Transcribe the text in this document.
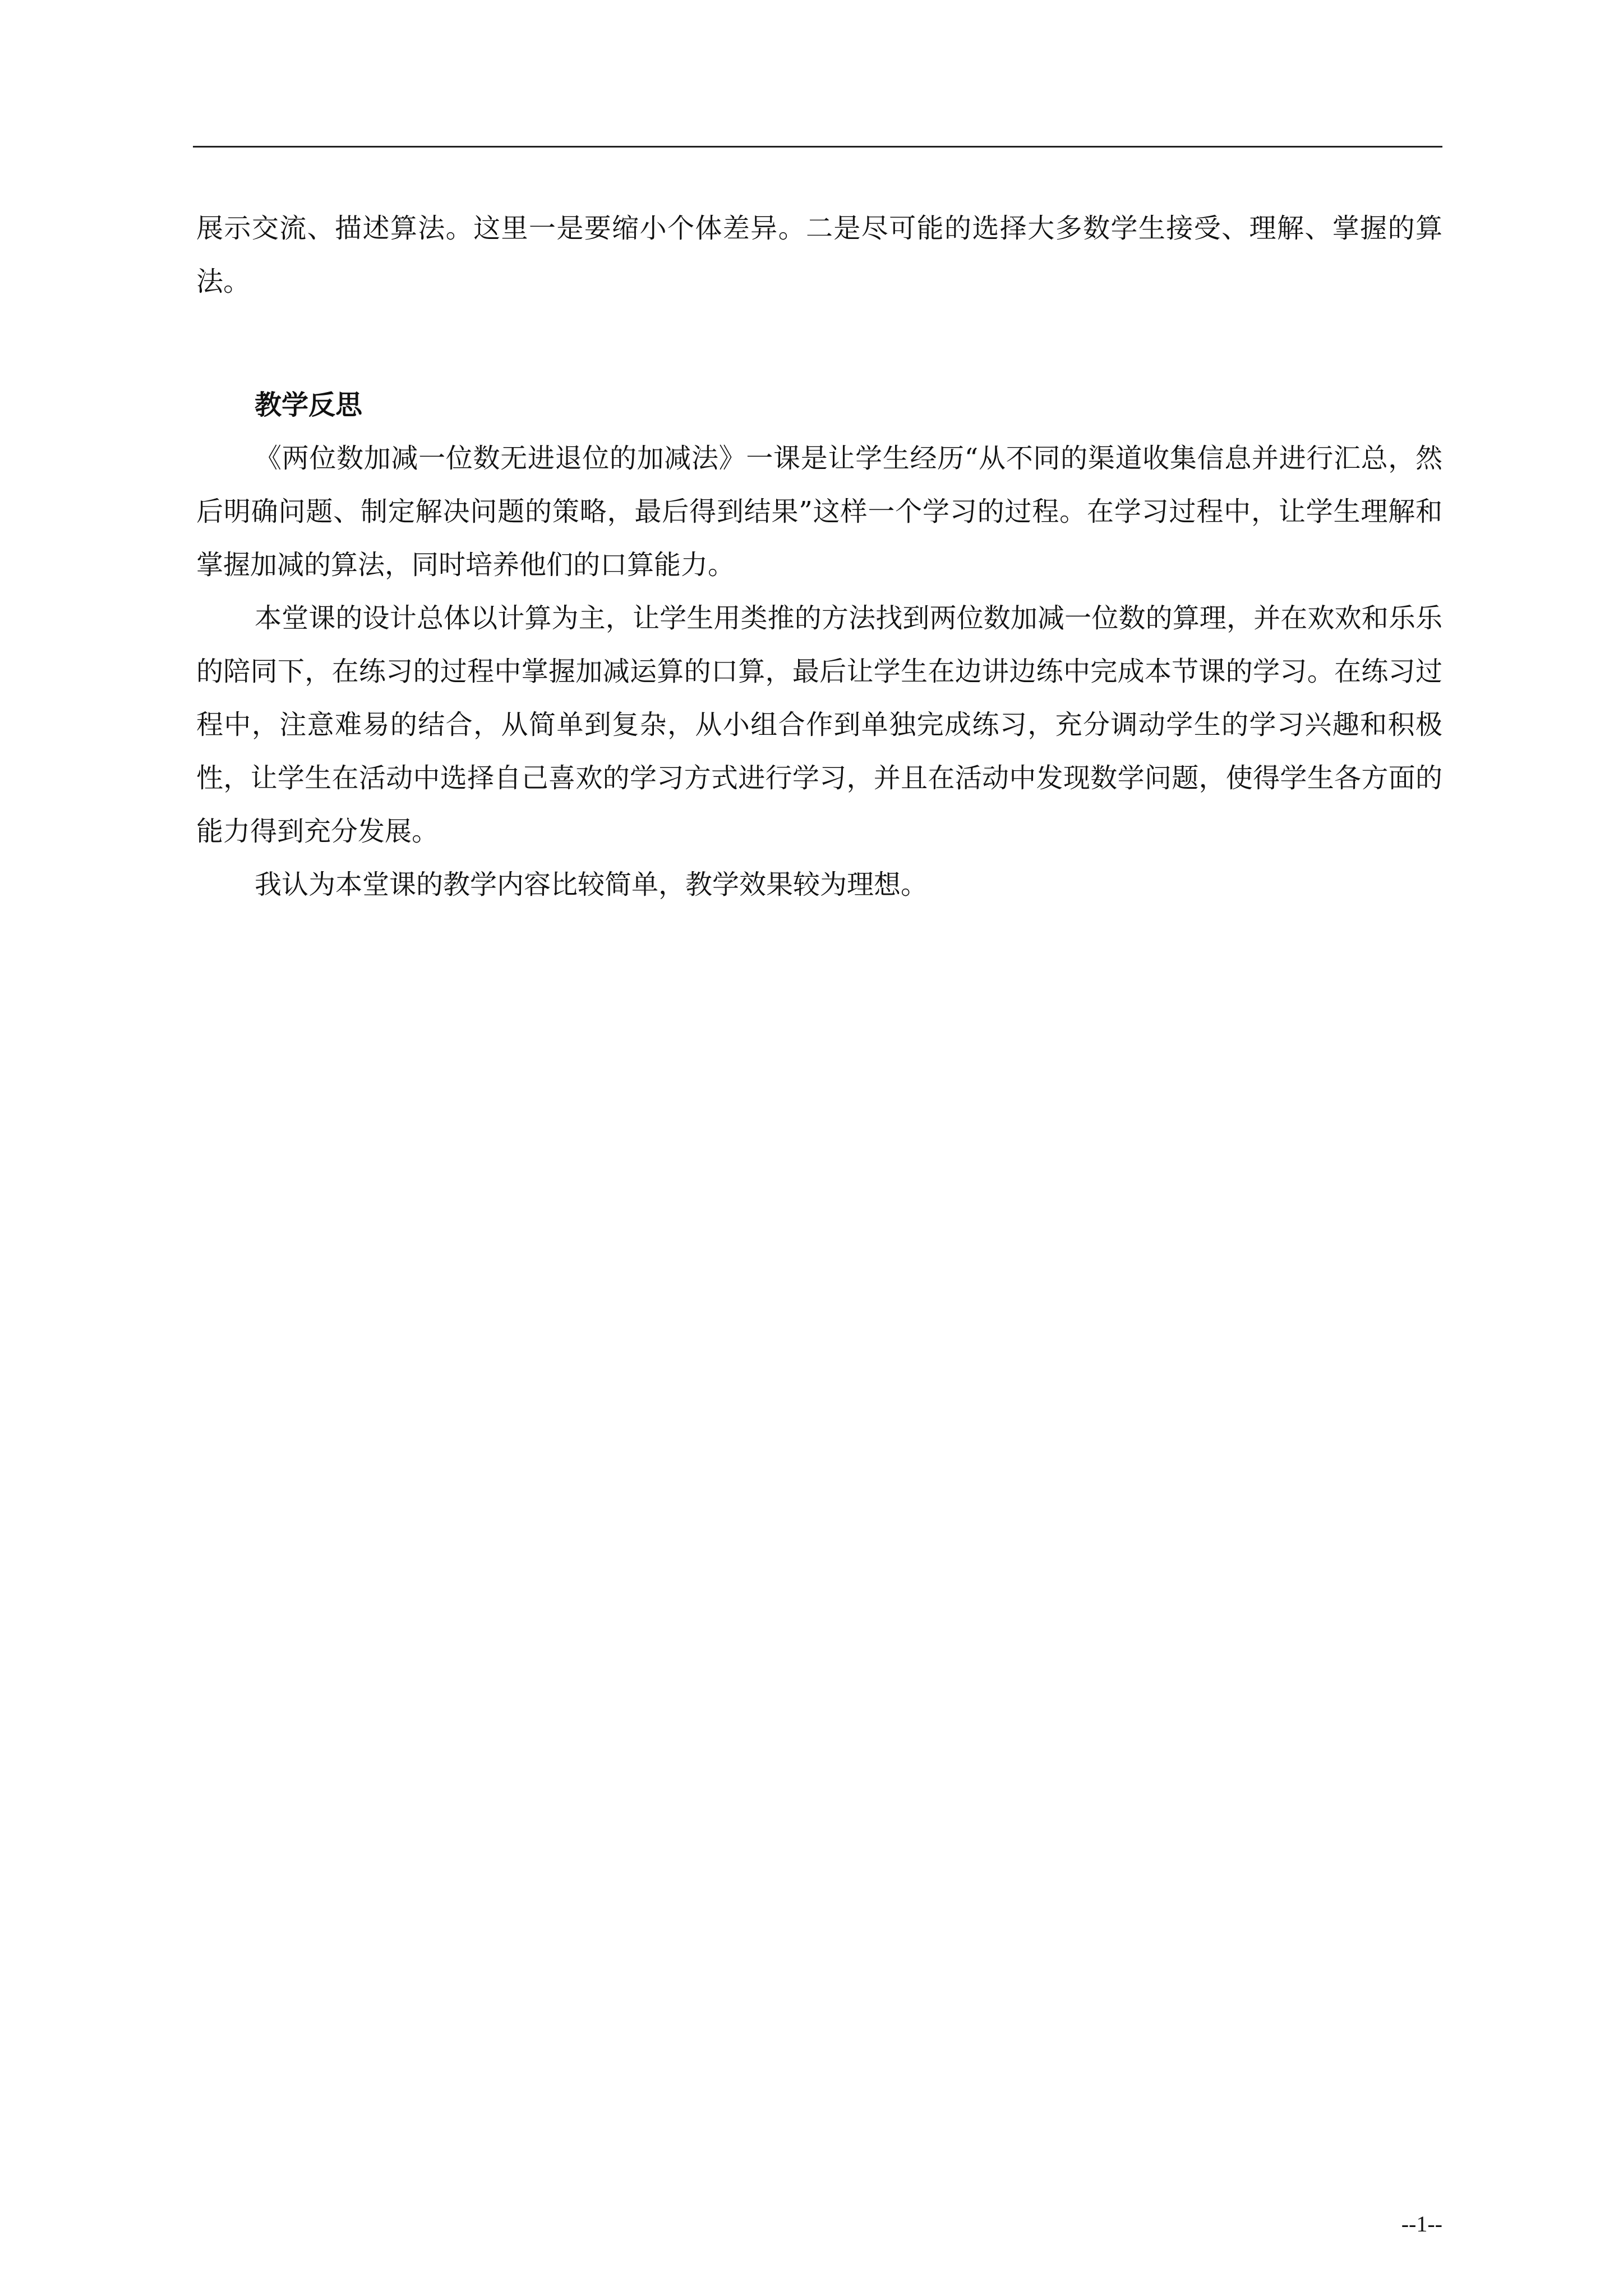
展示交流、描述算法。这里一是要缩小个体差异。二是尽可能的选择大多数学生接受、理解、掌握的算法。

教学反思

《两位数加减一位数无进退位的加减法》一课是让学生经历“从不同的渠道收集信息并进行汇总，然后明确问题、制定解决问题的策略，最后得到结果”这样一个学习的过程。在学习过程中，让学生理解和掌握加减的算法，同时培养他们的口算能力。

本堂课的设计总体以计算为主，让学生用类推的方法找到两位数加减一位数的算理，并在欢欢和乐乐的陪同下，在练习的过程中掌握加减运算的口算，最后让学生在边讲边练中完成本节课的学习。在练习过程中，注意难易的结合，从简单到复杂，从小组合作到单独完成练习，充分调动学生的学习兴趣和积极性，让学生在活动中选择自己喜欢的学习方式进行学习，并且在活动中发现数学问题，使得学生各方面的能力得到充分发展。

我认为本堂课的教学内容比较简单，教学效果较为理想。

--1--
